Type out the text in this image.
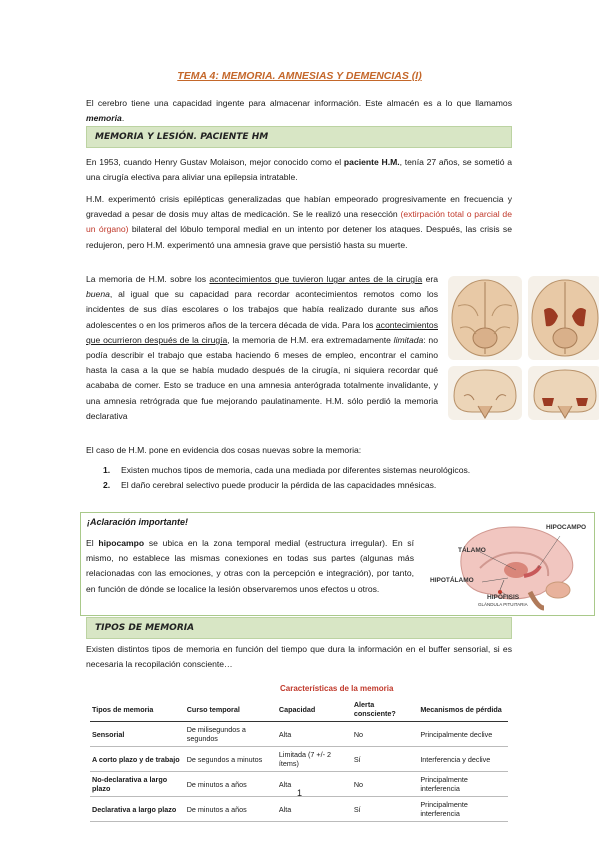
TEMA 4: MEMORIA. AMNESIAS Y DEMENCIAS (I)

El cerebro tiene una capacidad ingente para almacenar información. Este almacén es a lo que llamamos memoria.

MEMORIA Y LESIÓN. PACIENTE HM

En 1953, cuando Henry Gustav Molaison, mejor conocido como el paciente H.M., tenía 27 años, se sometió a una cirugía electiva para aliviar una epilepsia intratable.

H.M. experimentó crisis epilépticas generalizadas que habían empeorado progresivamente en frecuencia y gravedad a pesar de dosis muy altas de medicación. Se le realizó una resección (extirpación total o parcial de un órgano) bilateral del lóbulo temporal medial en un intento por detener los ataques. Después, las crisis se redujeron, pero H.M. experimentó una amnesia grave que persistió hasta su muerte.

La memoria de H.M. sobre los acontecimientos que tuvieron lugar antes de la cirugía era buena, al igual que su capacidad para recordar acontecimientos remotos como los incidentes de sus días escolares o los trabajos que había realizado durante sus años adolescentes o en los primeros años de la tercera década de vida. Para los acontecimientos que ocurrieron después de la cirugía, la memoria de H.M. era extremadamente limitada: no podía describir el trabajo que estaba haciendo 6 meses de empleo, encontrar el camino hasta la casa a la que se había mudado después de la cirugía, ni siquiera recordar qué acababa de comer. Esto se traduce en una amnesia anterógrada totalmente invalidante, y una amnesia retrógrada que fue mejorando paulatinamente. H.M. sólo perdió la memoria declarativa

El caso de H.M. pone en evidencia dos cosas nuevas sobre la memoria:

1. Existen muchos tipos de memoria, cada una mediada por diferentes sistemas neurológicos.
2. El daño cerebral selectivo puede producir la pérdida de las capacidades mnésicas.
¡Aclaración importante!

El hipocampo se ubica en la zona temporal medial (estructura irregular). En sí mismo, no establece las mismas conexiones en todas sus partes (algunas más relacionadas con las emociones, y otras con la percepción e integración), por tanto, en función de dónde se localice la lesión observaremos unos efectos u otros.

HIPOCAMPO
TÁLAMO
HIPOTÁLAMO
HIPÓFISIS
GLÁNDULA PITUITARIA
TIPOS DE MEMORIA

Existen distintos tipos de memoria en función del tiempo que dura la información en el buffer sensorial, si es necesaria la recopilación consciente…

Características de la memoria
Tipos de memoria	Curso temporal	Capacidad	Alerta consciente?	Mecanismos de pérdida
Sensorial	De milisegundos a segundos	Alta	No	Principalmente declive
A corto plazo y de trabajo	De segundos a minutos	Limitada (7 +/- 2 ítems)	Sí	Interferencia y declive
No-declarativa a largo plazo	De minutos a años	Alta	No	Principalmente interferencia
Declarativa a largo plazo	De minutos a años	Alta	Sí	Principalmente interferencia
1
